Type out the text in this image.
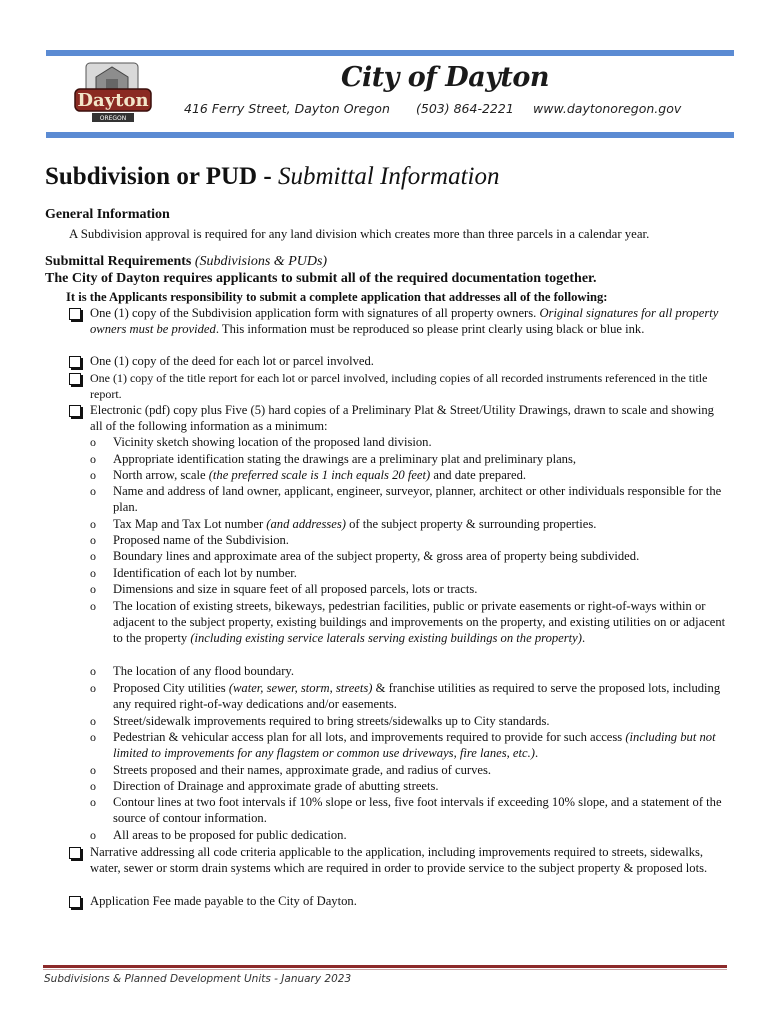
Dayton
OREGON
City of Dayton
416 Ferry Street, Dayton Oregon (503) 864-2221 www.daytonoregon.gov
Subdivision or PUD - Submittal Information
General Information
A Subdivision approval is required for any land division which creates more than three parcels in a calendar year.
Submittal Requirements (Subdivisions & PUDs)
The City of Dayton requires applicants to submit all of the required documentation together.
It is the Applicants responsibility to submit a complete application that addresses all of the following:
One (1) copy of the Subdivision application form with signatures of all property owners. Original signatures for all property owners must be provided. This information must be reproduced so please print clearly using black or blue ink.
One (1) copy of the deed for each lot or parcel involved.
One (1) copy of the title report for each lot or parcel involved, including copies of all recorded instruments referenced in the title report.
Electronic (pdf) copy plus Five (5) hard copies of a Preliminary Plat & Street/Utility Drawings, drawn to scale and showing all of the following information as a minimum:
o Vicinity sketch showing location of the proposed land division.
o Appropriate identification stating the drawings are a preliminary plat and preliminary plans,
o North arrow, scale (the preferred scale is 1 inch equals 20 feet) and date prepared.
o Name and address of land owner, applicant, engineer, surveyor, planner, architect or other individuals responsible for the plan.
o Tax Map and Tax Lot number (and addresses) of the subject property & surrounding properties.
o Proposed name of the Subdivision.
o Boundary lines and approximate area of the subject property, & gross area of property being subdivided.
o Identification of each lot by number.
o Dimensions and size in square feet of all proposed parcels, lots or tracts.
o The location of existing streets, bikeways, pedestrian facilities, public or private easements or right-of-ways within or adjacent to the subject property, existing buildings and improvements on the property, and existing utilities on or adjacent to the property (including existing service laterals serving existing buildings on the property).
o The location of any flood boundary.
o Proposed City utilities (water, sewer, storm, streets) & franchise utilities as required to serve the proposed lots, including any required right-of-way dedications and/or easements.
o Street/sidewalk improvements required to bring streets/sidewalks up to City standards.
o Pedestrian & vehicular access plan for all lots, and improvements required to provide for such access (including but not limited to improvements for any flagstem or common use driveways, fire lanes, etc.).
o Streets proposed and their names, approximate grade, and radius of curves.
o Direction of Drainage and approximate grade of abutting streets.
o Contour lines at two foot intervals if 10% slope or less, five foot intervals if exceeding 10% slope, and a statement of the source of contour information.
o All areas to be proposed for public dedication.
Narrative addressing all code criteria applicable to the application, including improvements required to streets, sidewalks, water, sewer or storm drain systems which are required in order to provide service to the subject property & proposed lots.
Application Fee made payable to the City of Dayton.
Subdivisions & Planned Development Units - January 2023
